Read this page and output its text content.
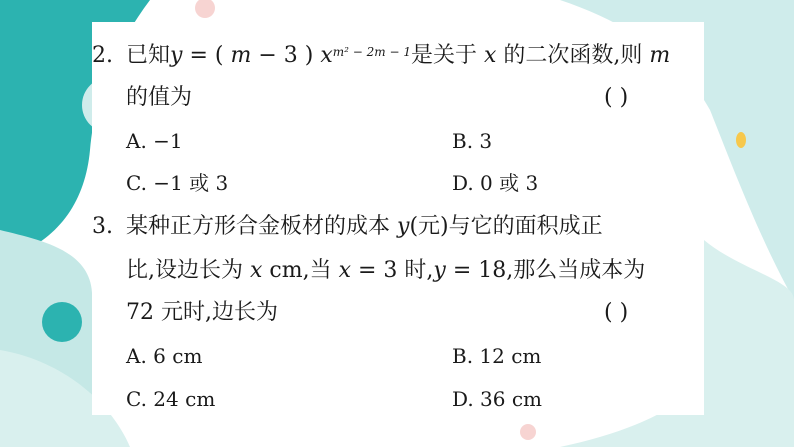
2. 已知y = ( m − 3 ) $x^{m^2 - 2m - 1}$是关于 x 的二次函数,则 m
的值为	( )
A. −1	B. 3
C. −1 或 3	D. 0 或 3
3. 某种正方形合金板材的成本 y(元)与它的面积成正
比,设边长为 x cm,当 x = 3 时,y = 18,那么当成本为
72 元时,边长为	( )
A. 6 cm	B. 12 cm
C. 24 cm	D. 36 cm
